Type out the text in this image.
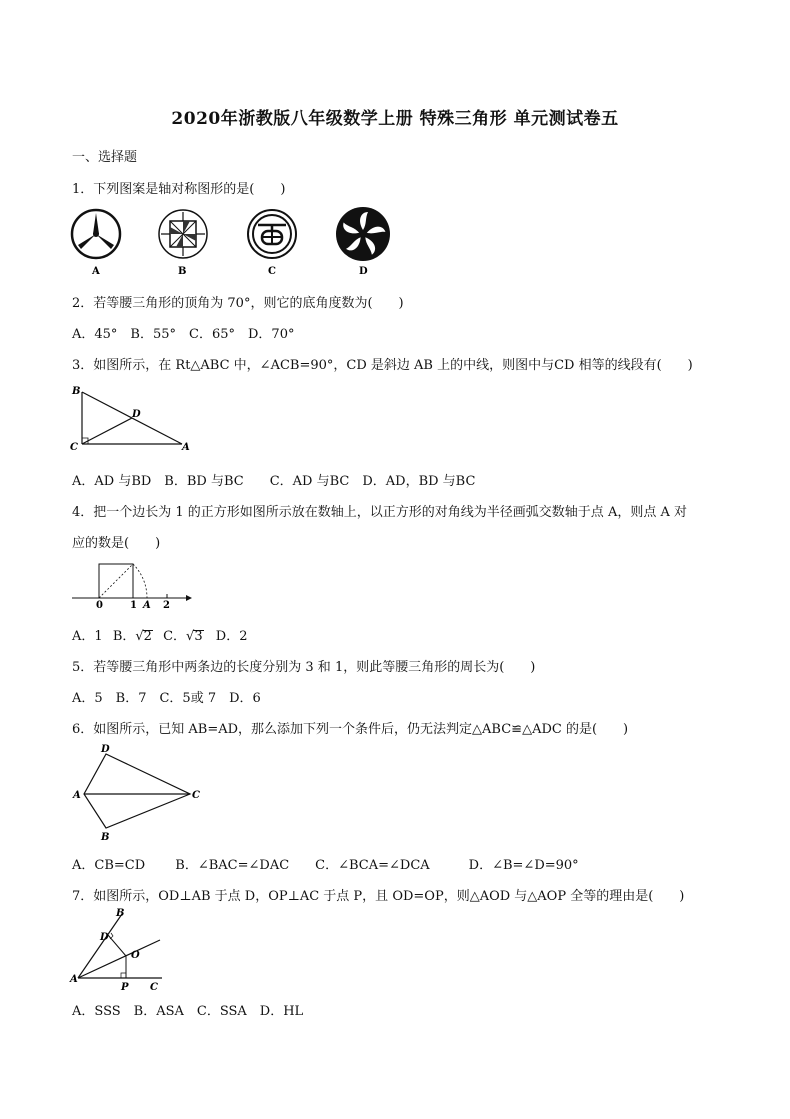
2020年浙教版八年级数学上册 特殊三角形 单元测试卷五
一、选择题
1．下列图案是轴对称图形的是(　　)
A	B	C	D
2．若等腰三角形的顶角为 70°，则它的底角度数为(　　)
A．45°　B．55°　C．65°　D．70°
3．如图所示，在 Rt△ABC 中，∠ACB=90°，CD 是斜边 AB 上的中线，则图中与CD 相等的线段有(　　)
B
D
C	A
A．AD 与BD　B．BD 与BC　　C．AD 与BC　D．AD，BD 与BC
4．把一个边长为 1 的正方形如图所示放在数轴上，以正方形的对角线为半径画弧交数轴于点 A，则点 A 对
应的数是(　　)
0	1 A 2
A．1 B．√2 C．√3 D．2
5．若等腰三角形中两条边的长度分别为 3 和 1，则此等腰三角形的周长为(　　)
A．5　B．7　C．5或 7　D．6
6．如图所示，已知 AB=AD，那么添加下列一个条件后，仍无法判定△ABC≌△ADC 的是(　　)
D
A	C
B
A．CB=CD　　 B．∠BAC=∠DAC　　C．∠BCA=∠DCA　　　D．∠B=∠D=90°
7．如图所示，OD⊥AB 于点 D，OP⊥AC 于点 P，且 OD=OP，则△AOD 与△AOP 全等的理由是(　　)
B
D
O
A
P C
A．SSS　B．ASA　C．SSA　D．HL
